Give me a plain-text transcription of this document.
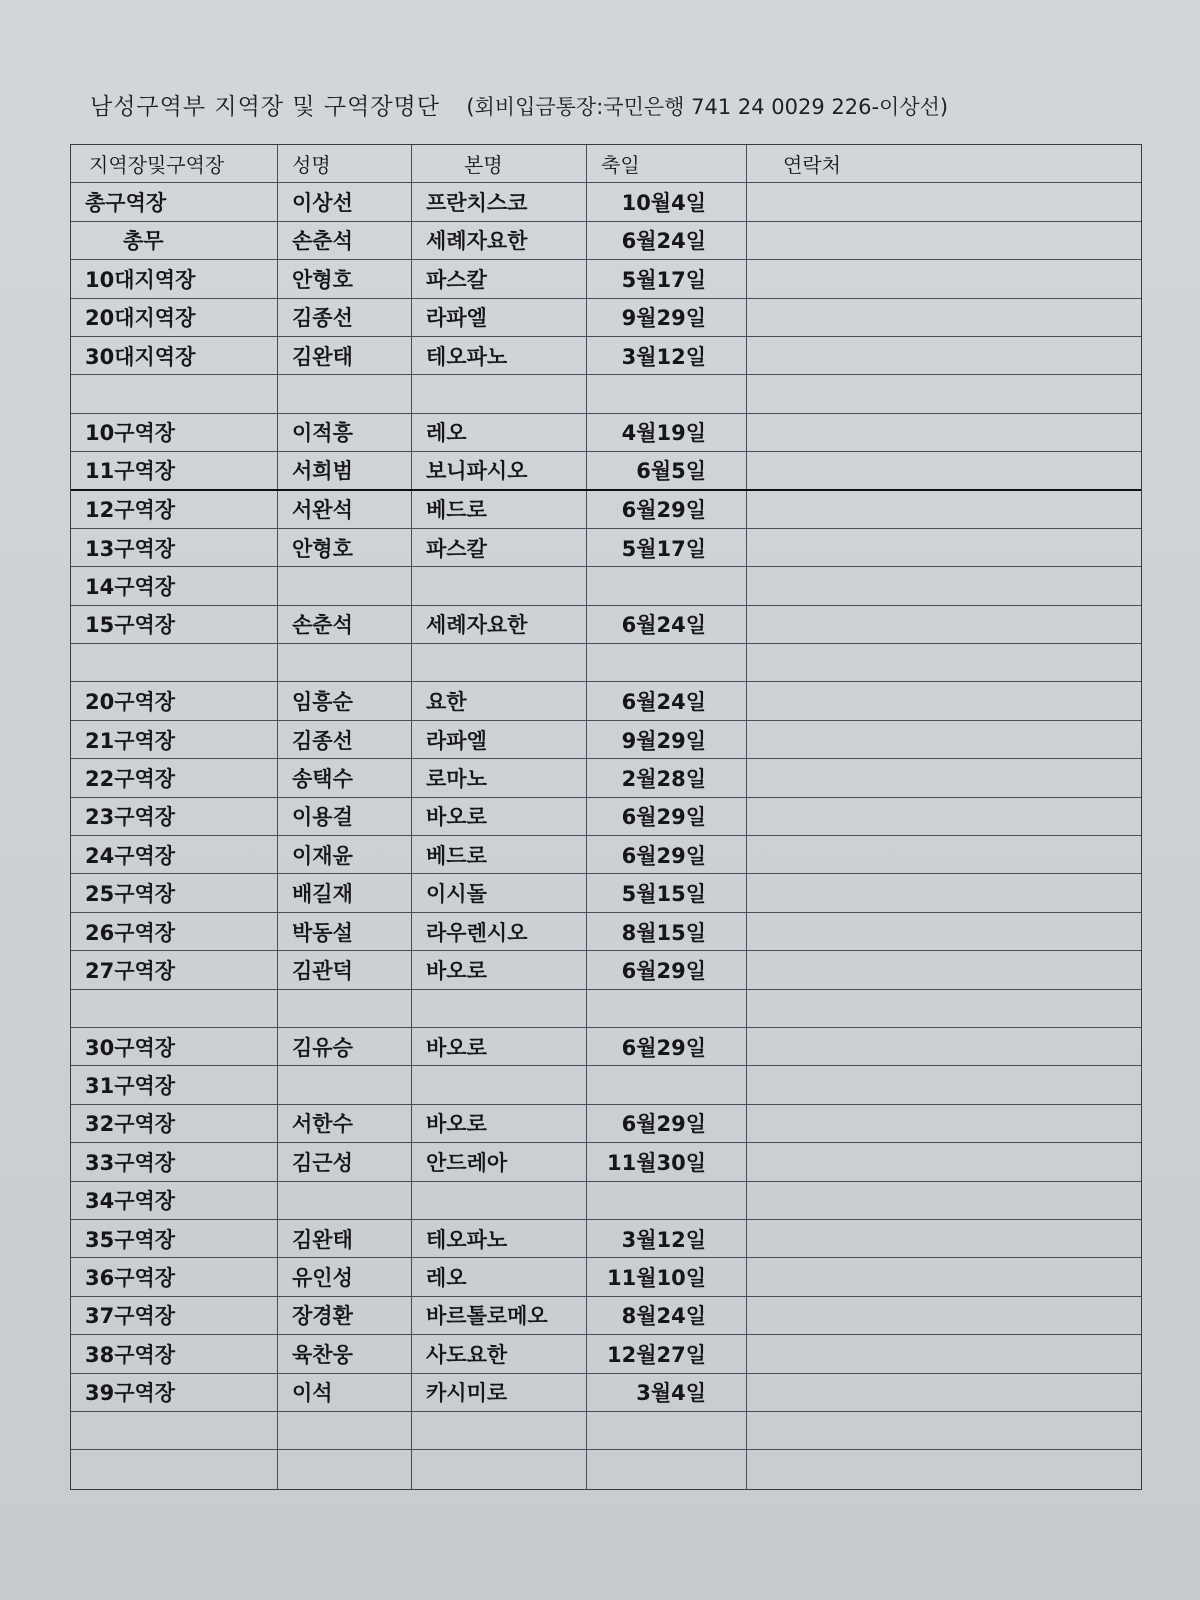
남성구역부 지역장 및 구역장명단 (회비입금통장:국민은행 741 24 0029 226-이상선)
지역장및구역장	성명	본명	축일	연락처
총구역장	이상선	프란치스코	10월4일
총무	손춘석	세례자요한	6월24일
10대지역장	안형호	파스칼	5월17일
20대지역장	김종선	라파엘	9월29일
30대지역장	김완태	테오파노	3월12일
10구역장	이적흥	레오	4월19일
11구역장	서희범	보니파시오	6월5일
12구역장	서완석	베드로	6월29일
13구역장	안형호	파스칼	5월17일
14구역장
15구역장	손춘석	세례자요한	6월24일
20구역장	임흥순	요한	6월24일
21구역장	김종선	라파엘	9월29일
22구역장	송택수	로마노	2월28일
23구역장	이용걸	바오로	6월29일
24구역장	이재윤	베드로	6월29일
25구역장	배길재	이시돌	5월15일
26구역장	박동설	라우렌시오	8월15일
27구역장	김관덕	바오로	6월29일
30구역장	김유승	바오로	6월29일
31구역장
32구역장	서한수	바오로	6월29일
33구역장	김근성	안드레아	11월30일
34구역장
35구역장	김완태	테오파노	3월12일
36구역장	유인성	레오	11월10일
37구역장	장경환	바르톨로메오	8월24일
38구역장	육찬웅	사도요한	12월27일
39구역장	이석	카시미로	3월4일
